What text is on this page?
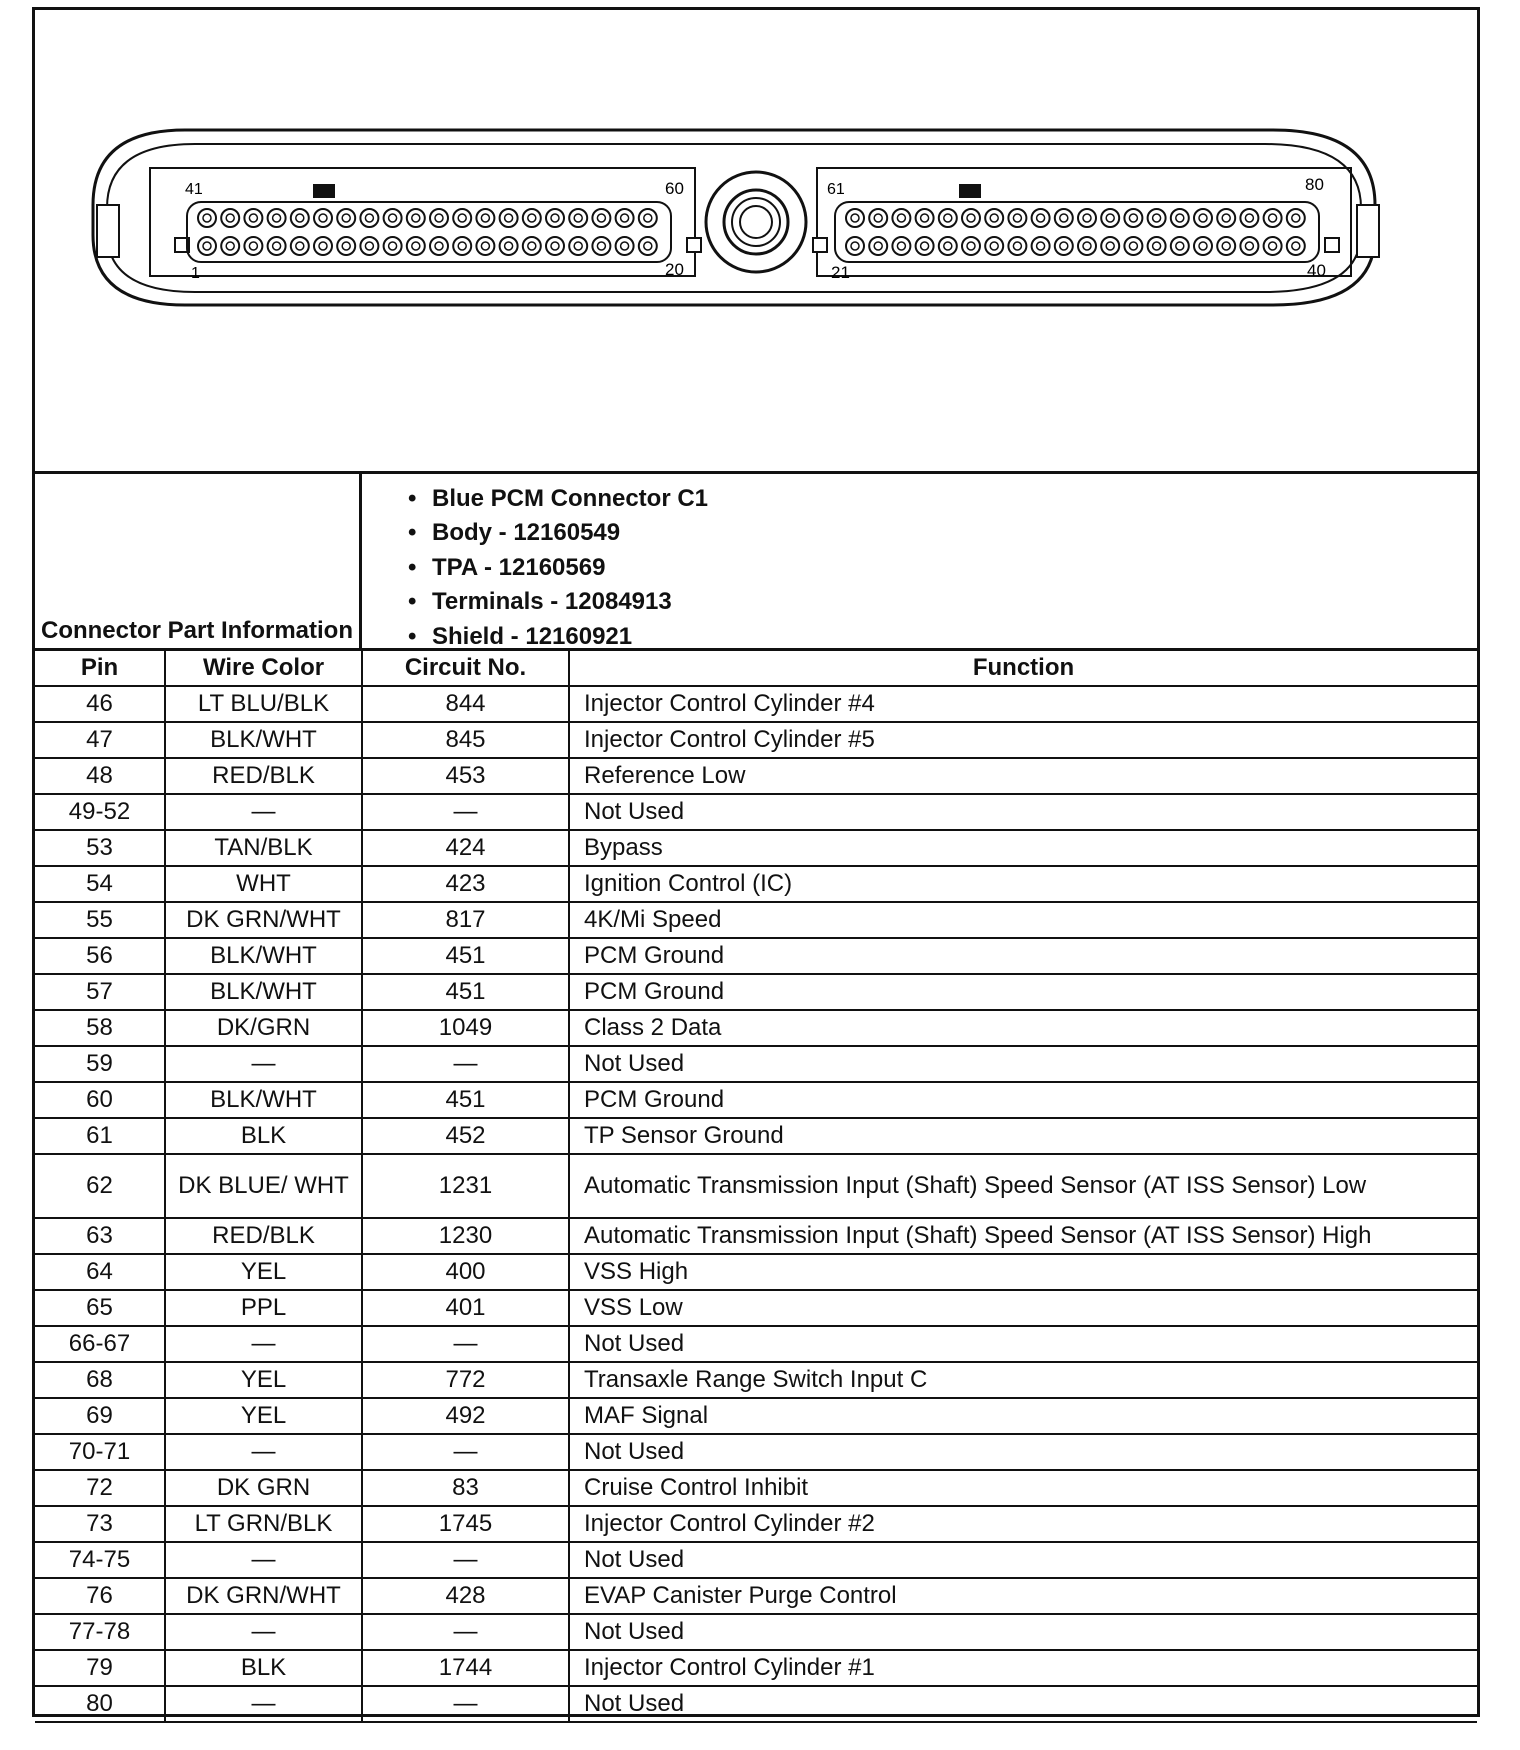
41	60
1	20
61	80
21	40
Connector Part Information
• Blue PCM Connector C1
• Body - 12160549
• TPA - 12160569
• Terminals - 12084913
• Shield - 12160921
Pin	Wire Color	Circuit No.	Function
46	LT BLU/BLK	844	Injector Control Cylinder #4
47	BLK/WHT	845	Injector Control Cylinder #5
48	RED/BLK	453	Reference Low
49-52	—	—	Not Used
53	TAN/BLK	424	Bypass
54	WHT	423	Ignition Control (IC)
55	DK GRN/WHT	817	4K/Mi Speed
56	BLK/WHT	451	PCM Ground
57	BLK/WHT	451	PCM Ground
58	DK/GRN	1049	Class 2 Data
59	—	—	Not Used
60	BLK/WHT	451	PCM Ground
61	BLK	452	TP Sensor Ground
62	DK BLUE/ WHT	1231	Automatic Transmission Input (Shaft) Speed Sensor (AT ISS Sensor) Low
63	RED/BLK	1230	Automatic Transmission Input (Shaft) Speed Sensor (AT ISS Sensor) High
64	YEL	400	VSS High
65	PPL	401	VSS Low
66-67	—	—	Not Used
68	YEL	772	Transaxle Range Switch Input C
69	YEL	492	MAF Signal
70-71	—	—	Not Used
72	DK GRN	83	Cruise Control Inhibit
73	LT GRN/BLK	1745	Injector Control Cylinder #2
74-75	—	—	Not Used
76	DK GRN/WHT	428	EVAP Canister Purge Control
77-78	—	—	Not Used
79	BLK	1744	Injector Control Cylinder #1
80	—	—	Not Used
